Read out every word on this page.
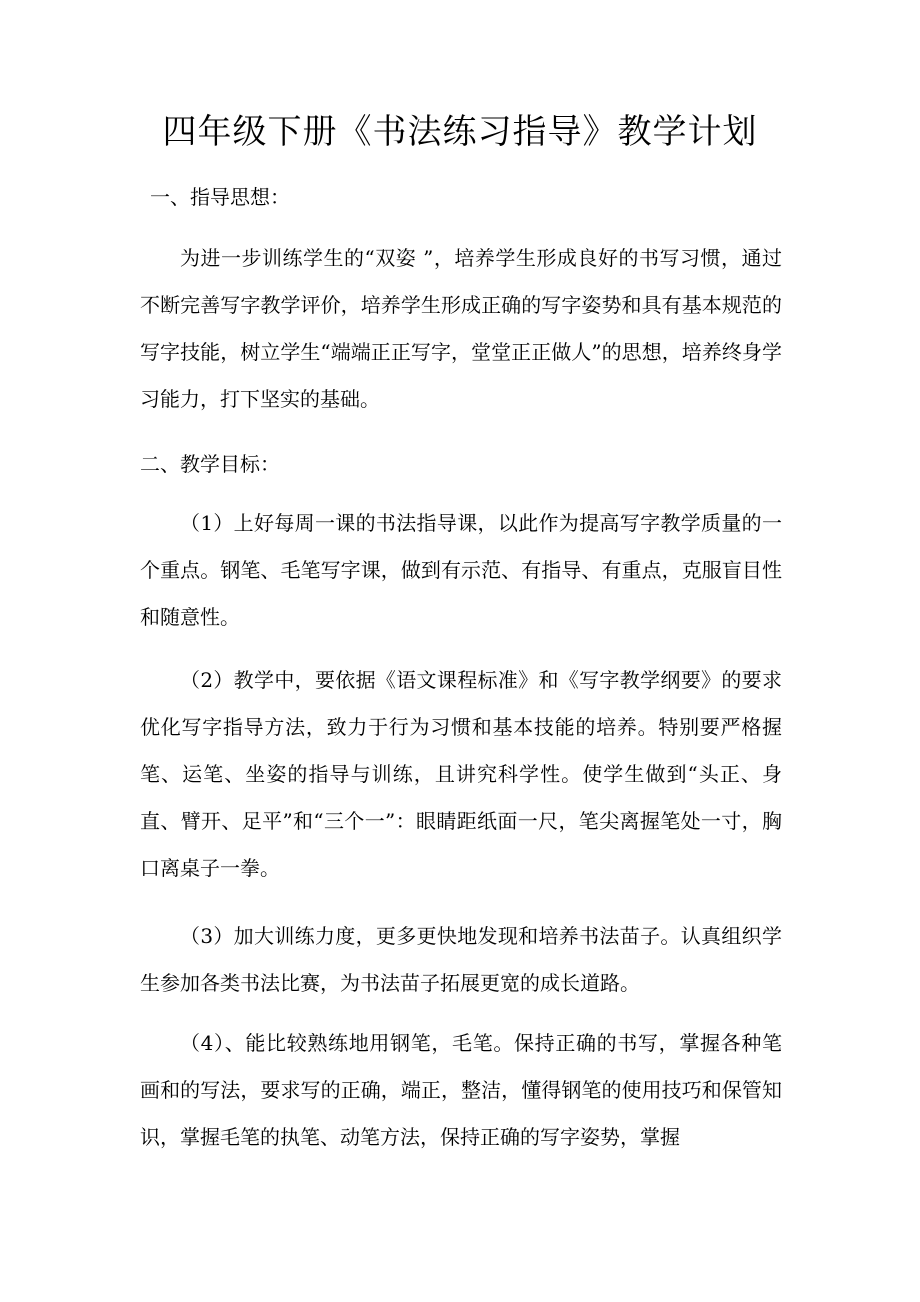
四年级下册《书法练习指导》教学计划

一、指导思想：

为进一步训练学生的“双姿 ”，培养学生形成良好的书写习惯，通过不断完善写字教学评价，培养学生形成正确的写字姿势和具有基本规范的写字技能，树立学生“端端正正写字，堂堂正正做人”的思想，培养终身学习能力，打下坚实的基础。

二、教学目标：

（1）上好每周一课的书法指导课，以此作为提高写字教学质量的一个重点。钢笔、毛笔写字课，做到有示范、有指导、有重点，克服盲目性和随意性。

（2）教学中，要依据《语文课程标准》和《写字教学纲要》的要求优化写字指导方法，致力于行为习惯和基本技能的培养。特别要严格握笔、运笔、坐姿的指导与训练，且讲究科学性。使学生做到“头正、身直、臂开、足平”和“三个一”：眼睛距纸面一尺，笔尖离握笔处一寸，胸口离桌子一拳。

（3）加大训练力度，更多更快地发现和培养书法苗子。认真组织学生参加各类书法比赛，为书法苗子拓展更宽的成长道路。

（4）、能比较熟练地用钢笔，毛笔。保持正确的书写，掌握各种笔画和的写法，要求写的正确，端正，整洁，懂得钢笔的使用技巧和保管知识，掌握毛笔的执笔、动笔方法，保持正确的写字姿势，掌握
